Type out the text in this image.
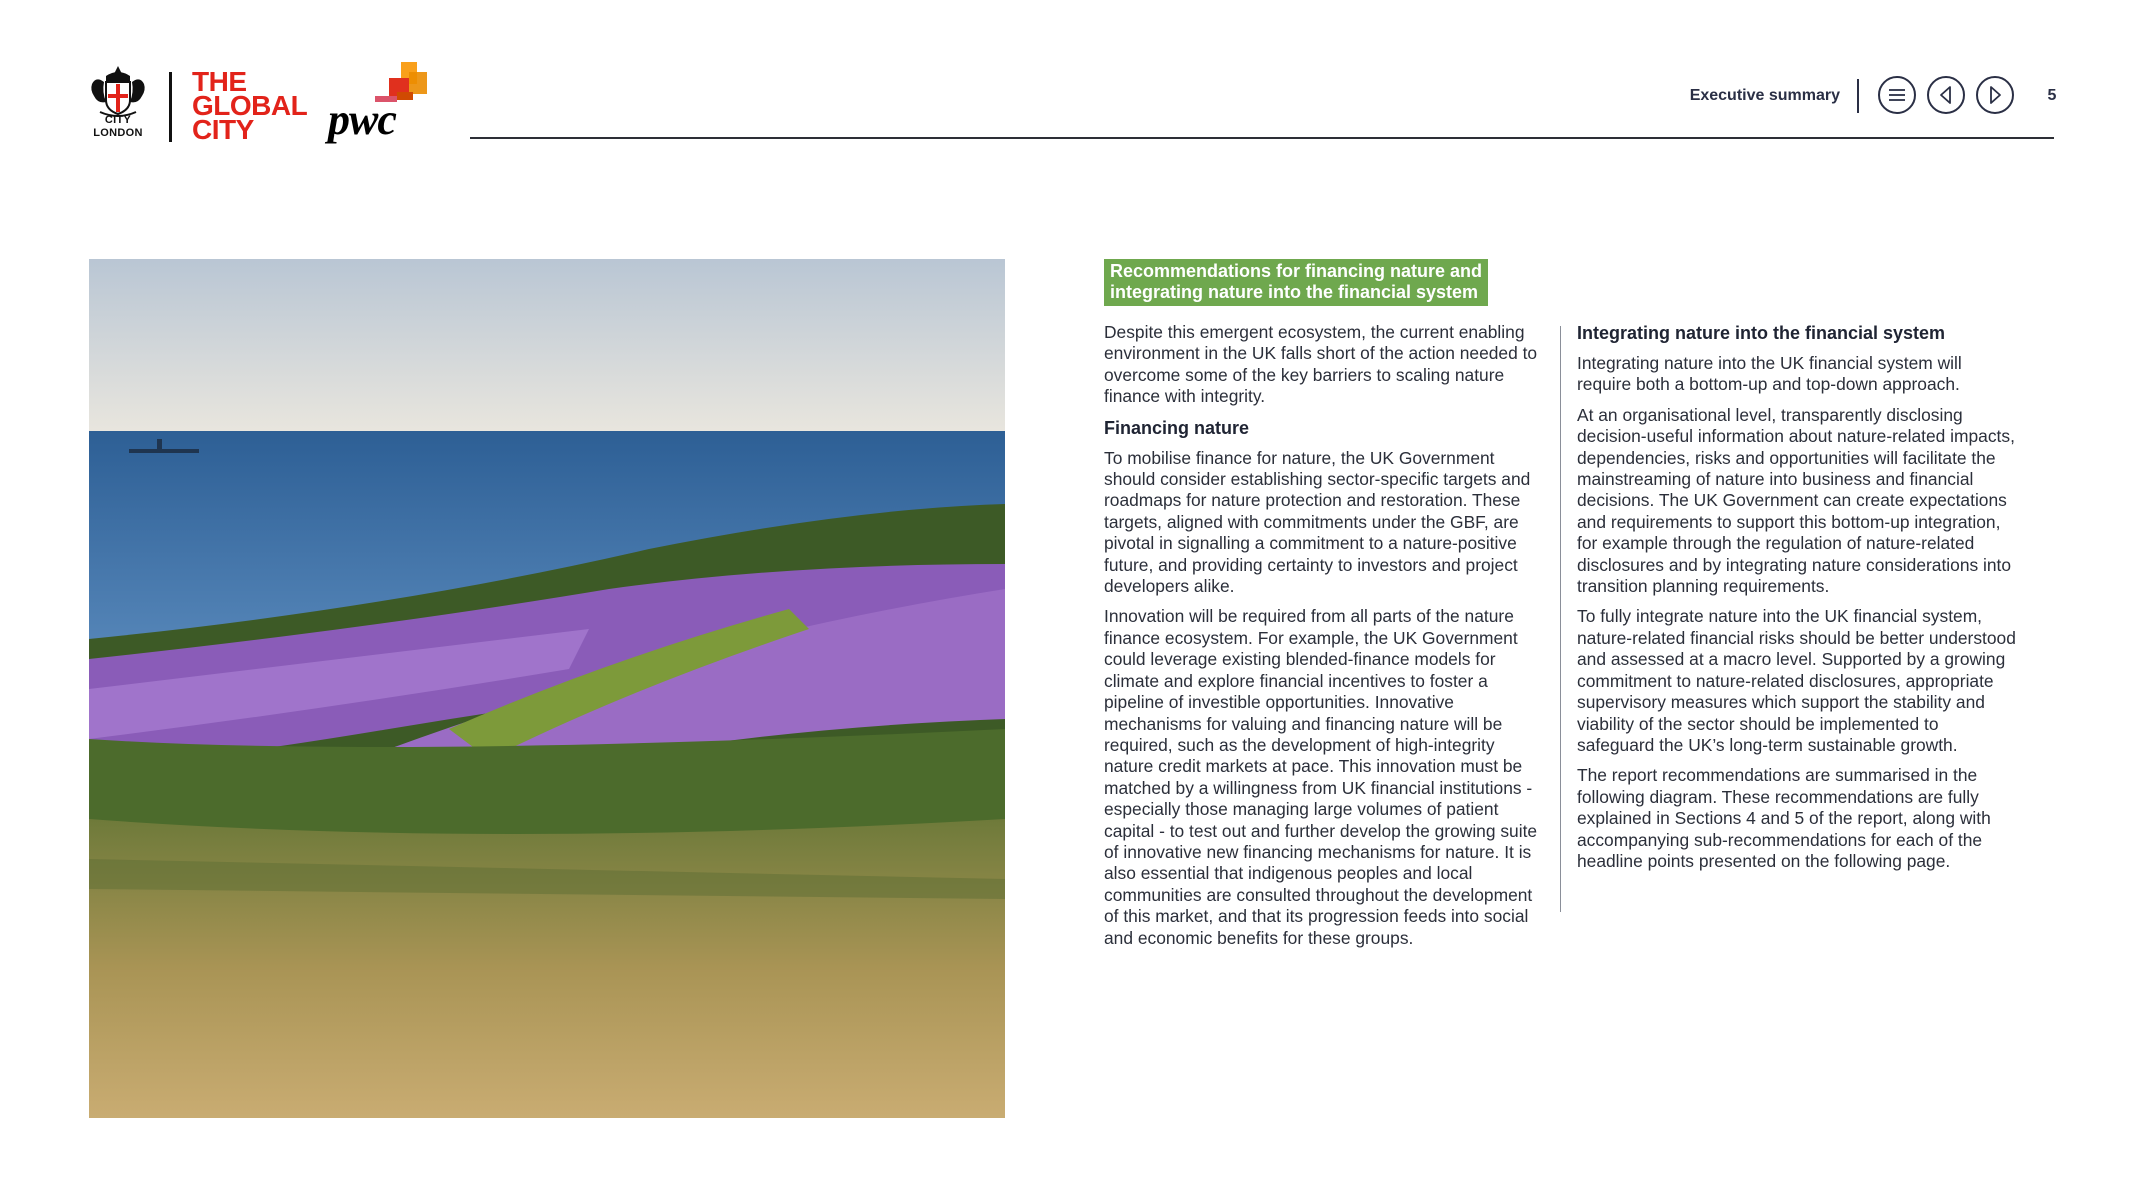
CITY
LONDON
THE
GLOBAL
CITY	pwc	Executive summary	5
Recommendations for financing nature and
integrating nature into the financial system

Despite this emergent ecosystem, the current enabling environment in the UK falls short of the action needed to overcome some of the key barriers to scaling nature finance with integrity.

Financing nature

To mobilise finance for nature, the UK Government should consider establishing sector-specific targets and roadmaps for nature protection and restoration. These targets, aligned with commitments under the GBF, are pivotal in signalling a commitment to a nature-positive future, and providing certainty to investors and project developers alike.

Innovation will be required from all parts of the nature finance ecosystem. For example, the UK Government could leverage existing blended-finance models for climate and explore financial incentives to foster a pipeline of investible opportunities. Innovative mechanisms for valuing and financing nature will be required, such as the development of high-integrity nature credit markets at pace. This innovation must be matched by a willingness from UK financial institutions - especially those managing large volumes of patient capital - to test out and further develop the growing suite of innovative new financing mechanisms for nature. It is also essential that indigenous peoples and local communities are consulted throughout the development of this market, and that its progression feeds into social and economic benefits for these groups.

Integrating nature into the financial system

Integrating nature into the UK financial system will require both a bottom-up and top-down approach.

At an organisational level, transparently disclosing decision-useful information about nature-related impacts, dependencies, risks and opportunities will facilitate the mainstreaming of nature into business and financial decisions. The UK Government can create expectations and requirements to support this bottom-up integration, for example through the regulation of nature-related disclosures and by integrating nature considerations into transition planning requirements.

To fully integrate nature into the UK financial system, nature-related financial risks should be better understood and assessed at a macro level. Supported by a growing commitment to nature-related disclosures, appropriate supervisory measures which support the stability and viability of the sector should be implemented to safeguard the UK’s long-term sustainable growth.

The report recommendations are summarised in the following diagram. These recommendations are fully explained in Sections 4 and 5 of the report, along with accompanying sub-recommendations for each of the headline points presented on the following page.
